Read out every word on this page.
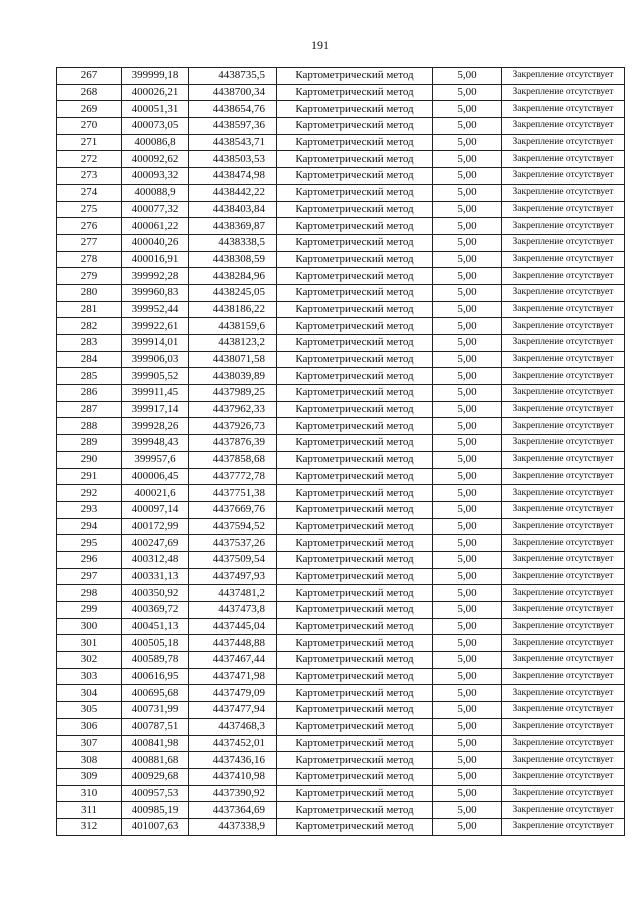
191
267	399999,18	4438735,5	Картометрический метод	5,00	Закрепление отсутствует
268	400026,21	4438700,34	Картометрический метод	5,00	Закрепление отсутствует
269	400051,31	4438654,76	Картометрический метод	5,00	Закрепление отсутствует
270	400073,05	4438597,36	Картометрический метод	5,00	Закрепление отсутствует
271	400086,8	4438543,71	Картометрический метод	5,00	Закрепление отсутствует
272	400092,62	4438503,53	Картометрический метод	5,00	Закрепление отсутствует
273	400093,32	4438474,98	Картометрический метод	5,00	Закрепление отсутствует
274	400088,9	4438442,22	Картометрический метод	5,00	Закрепление отсутствует
275	400077,32	4438403,84	Картометрический метод	5,00	Закрепление отсутствует
276	400061,22	4438369,87	Картометрический метод	5,00	Закрепление отсутствует
277	400040,26	4438338,5	Картометрический метод	5,00	Закрепление отсутствует
278	400016,91	4438308,59	Картометрический метод	5,00	Закрепление отсутствует
279	399992,28	4438284,96	Картометрический метод	5,00	Закрепление отсутствует
280	399960,83	4438245,05	Картометрический метод	5,00	Закрепление отсутствует
281	399952,44	4438186,22	Картометрический метод	5,00	Закрепление отсутствует
282	399922,61	4438159,6	Картометрический метод	5,00	Закрепление отсутствует
283	399914,01	4438123,2	Картометрический метод	5,00	Закрепление отсутствует
284	399906,03	4438071,58	Картометрический метод	5,00	Закрепление отсутствует
285	399905,52	4438039,89	Картометрический метод	5,00	Закрепление отсутствует
286	399911,45	4437989,25	Картометрический метод	5,00	Закрепление отсутствует
287	399917,14	4437962,33	Картометрический метод	5,00	Закрепление отсутствует
288	399928,26	4437926,73	Картометрический метод	5,00	Закрепление отсутствует
289	399948,43	4437876,39	Картометрический метод	5,00	Закрепление отсутствует
290	399957,6	4437858,68	Картометрический метод	5,00	Закрепление отсутствует
291	400006,45	4437772,78	Картометрический метод	5,00	Закрепление отсутствует
292	400021,6	4437751,38	Картометрический метод	5,00	Закрепление отсутствует
293	400097,14	4437669,76	Картометрический метод	5,00	Закрепление отсутствует
294	400172,99	4437594,52	Картометрический метод	5,00	Закрепление отсутствует
295	400247,69	4437537,26	Картометрический метод	5,00	Закрепление отсутствует
296	400312,48	4437509,54	Картометрический метод	5,00	Закрепление отсутствует
297	400331,13	4437497,93	Картометрический метод	5,00	Закрепление отсутствует
298	400350,92	4437481,2	Картометрический метод	5,00	Закрепление отсутствует
299	400369,72	4437473,8	Картометрический метод	5,00	Закрепление отсутствует
300	400451,13	4437445,04	Картометрический метод	5,00	Закрепление отсутствует
301	400505,18	4437448,88	Картометрический метод	5,00	Закрепление отсутствует
302	400589,78	4437467,44	Картометрический метод	5,00	Закрепление отсутствует
303	400616,95	4437471,98	Картометрический метод	5,00	Закрепление отсутствует
304	400695,68	4437479,09	Картометрический метод	5,00	Закрепление отсутствует
305	400731,99	4437477,94	Картометрический метод	5,00	Закрепление отсутствует
306	400787,51	4437468,3	Картометрический метод	5,00	Закрепление отсутствует
307	400841,98	4437452,01	Картометрический метод	5,00	Закрепление отсутствует
308	400881,68	4437436,16	Картометрический метод	5,00	Закрепление отсутствует
309	400929,68	4437410,98	Картометрический метод	5,00	Закрепление отсутствует
310	400957,53	4437390,92	Картометрический метод	5,00	Закрепление отсутствует
311	400985,19	4437364,69	Картометрический метод	5,00	Закрепление отсутствует
312	401007,63	4437338,9	Картометрический метод	5,00	Закрепление отсутствует
